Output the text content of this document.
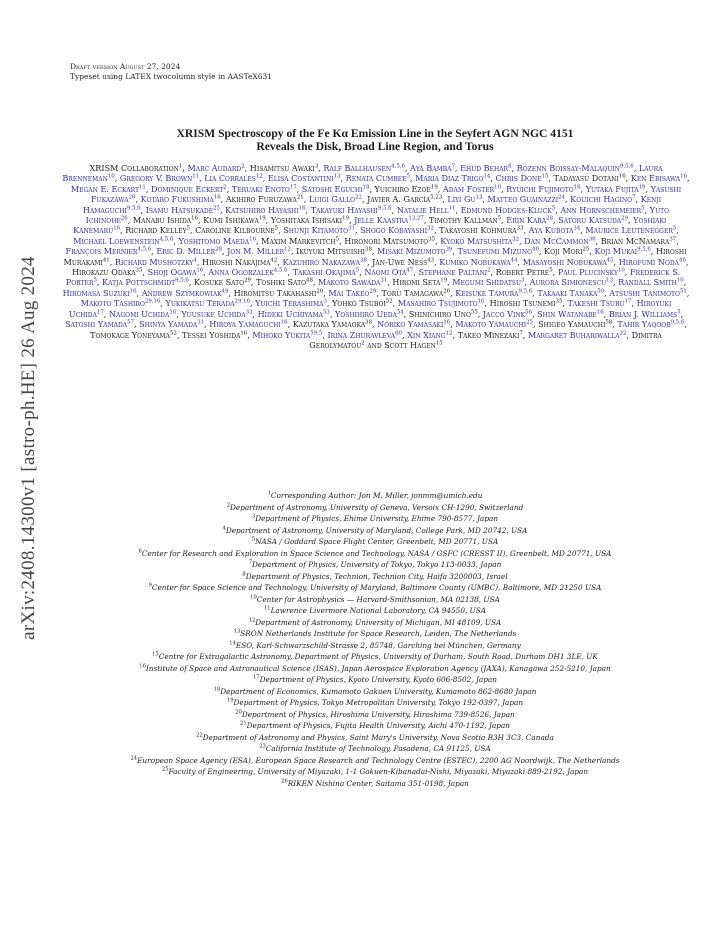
arXiv:2408.14300v1 [astro-ph.HE] 26 Aug 2024
Draft version August 27, 2024
Typeset using LATEX twocolumn style in AASTeX631
XRISM Spectroscopy of the Fe Kα Emission Line in the Seyfert AGN NGC 4151
Reveals the Disk, Broad Line Region, and Torus
XRISM Collaboration$^1$, Marc Audard$^2$, Hisamitsu Awaki$^3$, Ralf Ballhausen$^{4,5,6}$, Aya Bamba$^7$, Ehud Behar$^8$, Rozenn Boissay-Malaquin$^{9,5,6}$, Laura Brenneman$^{10}$, Gregory V. Brown$^{11}$, Lia Corrales$^{12}$, Elisa Costantini$^{13}$, Renata Cumbee$^5$, Maria Diaz Trigo$^{14}$, Chris Done$^{15}$, Tadayasu Dotani$^{16}$, Ken Ebisawa$^{16}$, Megan E. Eckart$^{11}$, Dominique Eckert$^2$, Teruaki Enoto$^{17}$, Satoshi Eguchi$^{18}$, Yuichiro Ezoe$^{19}$, Adam Foster$^{10}$, Ryuichi Fujimoto$^{16}$, Yutaka Fujita$^{19}$, Yasushi Fukazawa$^{20}$, Kotaro Fukushima$^{16}$, Akihiro Furuzawa$^{21}$, Luigi Gallo$^{22}$, Javier A. García$^{5,23}$, Liyi Gu$^{13}$, Matteo Guainazzi$^{24}$, Kouichi Hagino$^7$, Kenji Hamaguchi$^{9,5,6}$, Isamu Hatsukade$^{25}$, Katsuhiro Hayashi$^{16}$, Takayuki Hayashi$^{9,5,6}$, Natalie Hell$^{11}$, Edmund Hodges-Kluck$^5$, Ann Hornschemeier$^5$, Yuto Ichinohe$^{26}$, Manabu Ishida$^{16}$, Kumi Ishikawa$^{19}$, Yoshitaka Ishisaki$^{19}$, Jelle Kaastra$^{13,27}$, Timothy Kallman$^5$, Erin Kara$^{28}$, Satoru Katsuda$^{29}$, Yoshiaki Kanemaru$^{16}$, Richard Kelley$^5$, Caroline Kilbourne$^5$, Shunji Kitamoto$^{31}$, Shogo Kobayashi$^{32}$, Takayoshi Kohmura$^{33}$, Aya Kubota$^{34}$, Maurice Leutenegger$^5$, Michael Loewenstein$^{4,5,6}$, Yoshitomo Maeda$^{16}$, Maxim Markevitch$^5$, Hironori Matsumoto$^{35}$, Kyoko Matsushita$^{32}$, Dan McCammon$^{36}$, Brian McNamara$^{37}$, François Mernier$^{4,5,6}$, Eric D. Miller$^{28}$, Jon M. Miller$^{12}$, Ikuyuki Mitsuishi$^{38}$, Misaki Mizumoto$^{39}$, Tsunefumi Mizuno$^{40}$, Koji Mori$^{25}$, Koji Mukai$^{9,5,6}$, Hiroshi Murakami$^{41}$, Richard Mushotzky$^4$, Hiroshi Nakajima$^{42}$, Kazuhiro Nakazawa$^{38}$, Jan-Uwe Ness$^{43}$, Kumiko Nobukawa$^{44}$, Masayoshi Nobukawa$^{45}$, Hirofumi Noda$^{46}$, Hirokazu Odaka$^{35}$, Shoji Ogawa$^{16}$, Anna Ogorzalek$^{4,5,6}$, Takashi Okajima$^5$, Naomi Ota$^{47}$, Stephane Paltani$^2$, Robert Petre$^5$, Paul Plucinsky$^{10}$, Frederick S. Porter$^5$, Katja Pottschmidt$^{9,5,6}$, Kosuke Sato$^{29}$, Toshiki Sato$^{48}$, Makoto Sawada$^{31}$, Hiromi Seta$^{19}$, Megumi Shidatsu$^3$, Aurora Simionescu$^{13}$, Randall Smith$^{10}$, Hiromasa Suzuki$^{16}$, Andrew Szymkowiak$^{49}$, Hiromitsu Takahashi$^{20}$, Mai Takeo$^{29}$, Toru Tamagawa$^{26}$, Keisuke Tamura$^{9,5,6}$, Takaaki Tanaka$^{50}$, Atsushi Tanimoto$^{51}$, Makoto Tashiro$^{29,16}$, Yukikatsu Terada$^{29,16}$, Yuichi Terashima$^3$, Yohko Tsuboi$^{52}$, Masahiro Tsujimoto$^{16}$, Hiroshi Tsunemi$^{35}$, Takeshi Tsuru$^{17}$, Hiroyuki Uchida$^{17}$, Nagomi Uchida$^{16}$, Yuusuke Uchida$^{33}$, Hideki Uchiyama$^{53}$, Yoshihiro Ueda$^{54}$, Shinichiro Uno$^{55}$, Jacco Vink$^{56}$, Shin Watanabe$^{16}$, Brian J. Williams$^5$, Satoshi Yamada$^{57}$, Shinya Yamada$^{31}$, Hiroya Yamaguchi$^{16}$, Kazutaka Yamaoka$^{38}$, Noriko Yamasaki$^{16}$, Makoto Yamauchi$^{25}$, Shigeo Yamauchi$^{58}$, Tahir Yaqoob$^{9,5,6}$, Tomokage Yoneyama$^{52}$, Tessei Yoshida$^{16}$, Mihoko Yukita$^{59,5}$, Irina Zhuravleva$^{60}$, Xin Xiang$^{12}$, Takeo Minezaki$^7$, Margaret Buhariwalla$^{22}$, Dimitra Gerolymatou$^2$ and Scott Hagen$^{15}$
$^1$Corresponding Author: Jon M. Miller, jonmm@umich.edu
$^2$Department of Astronomy, University of Geneva, Versoix CH-1290, Switzerland
$^3$Department of Physics, Ehime University, Ehime 790-8577, Japan
$^4$Department of Astronomy, University of Maryland, College Park, MD 20742, USA
$^5$NASA / Goddard Space Flight Center, Greenbelt, MD 20771, USA
$^6$Center for Research and Exploration in Space Science and Technology, NASA / GSFC (CRESST II), Greenbelt, MD 20771, USA
$^7$Department of Physics, University of Tokyo, Tokyo 113-0033, Japan
$^8$Department of Physics, Technion, Technion City, Haifa 3200003, Israel
$^9$Center for Space Science and Technology, University of Maryland, Baltimore County (UMBC), Baltimore, MD 21250 USA
$^{10}$Center for Astrophysics — Harvard-Smithsonian, MA 02138, USA
$^{11}$Lawrence Livermore National Laboratory, CA 94550, USA
$^{12}$Department of Astronomy, University of Michigan, MI 48109, USA
$^{13}$SRON Netherlands Institute for Space Research, Leiden, The Netherlands
$^{14}$ESO, Karl-Schwarzschild-Strasse 2, 85748, Garching bei München, Germany
$^{15}$Centre for Extragalactic Astronomy, Department of Physics, University of Durham, South Road, Durham DH1 3LE, UK
$^{16}$Institute of Space and Astronautical Science (ISAS), Japan Aerospace Exploration Agency (JAXA), Kanagawa 252-5210, Japan
$^{17}$Department of Physics, Kyoto University, Kyoto 606-8502, Japan
$^{18}$Department of Economics, Kumamoto Gakuen University, Kumamoto 862-8680 Japan
$^{19}$Department of Physics, Tokyo Metropolitan University, Tokyo 192-0397, Japan
$^{20}$Department of Physics, Hiroshima University, Hiroshima 739-8526, Japan
$^{21}$Department of Physics, Fujita Health University, Aichi 470-1192, Japan
$^{22}$Department of Astronomy and Physics, Saint Mary's University, Nova Scotia B3H 3C3, Canada
$^{23}$California Institute of Technology, Pasadena, CA 91125, USA
$^{24}$European Space Agency (ESA), European Space Research and Technology Centre (ESTEC), 2200 AG Noordwijk, The Netherlands
$^{25}$Faculty of Engineering, University of Miyazaki, 1-1 Gakuen-Kibanadai-Nishi, Miyazaki, Miyazaki 889-2192, Japan
$^{26}$RIKEN Nishina Center, Saitama 351-0198, Japan
